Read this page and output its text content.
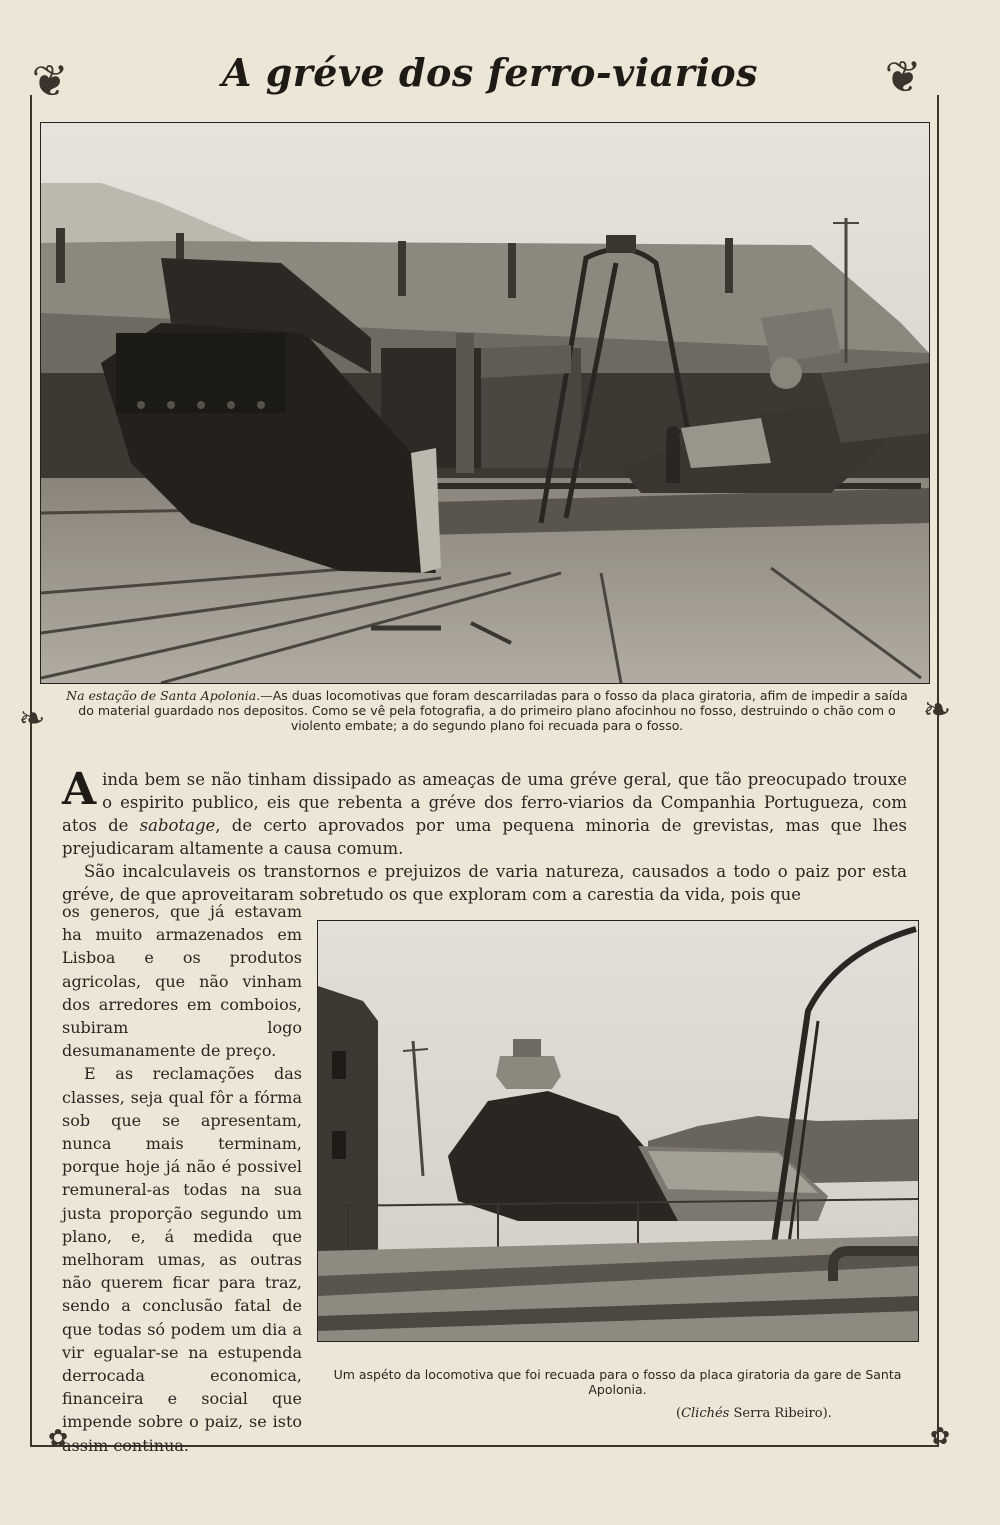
❦	❦
❧	❧
✿	✿
A gréve dos ferro-viarios
Na estação de Santa Apolonia.—As duas locomotivas que foram descarriladas para o fosso da placa giratoria, afim de impedir a saída do material guardado nos depositos. Como se vê pela fotografia, a do primeiro plano afocinhou no fosso, destruindo o chão com o violento embate; a do segundo plano foi recuada para o fosso.

Ainda bem se não tinham dissipado as ameaças de uma gréve geral, que tão preocupado trouxe o espirito publico, eis que rebenta a gréve dos ferro-viarios da Companhia Portugueza, com atos de sabotage, de certo aprovados por uma pequena minoria de grevistas, mas que lhes prejudicaram altamente a causa comum.

São incalculaveis os transtornos e prejuizos de varia natureza, causados a todo o paiz por esta gréve, de que aproveitaram sobretudo os que exploram com a carestia da vida, pois que

os generos, que já estavam ha muito armazenados em Lisboa e os produtos agricolas, que não vinham dos arredores em comboios, subiram logo desumanamente de preço.

E as reclamações das classes, seja qual fôr a fórma sob que se apresentam, nunca mais terminam, porque hoje já não é possivel remuneral-as todas na sua justa proporção segundo um plano, e, á medida que melhoram umas, as outras não querem ficar para traz, sendo a conclusão fatal de que todas só podem um dia a vir egualar-se na estupenda derrocada economica, financeira e social que impende sobre o paiz, se isto assim continua.

Um aspéto da locomotiva que foi recuada para o fosso da placa giratoria da gare de Santa Apolonia.
(Clichés Serra Ribeiro).
